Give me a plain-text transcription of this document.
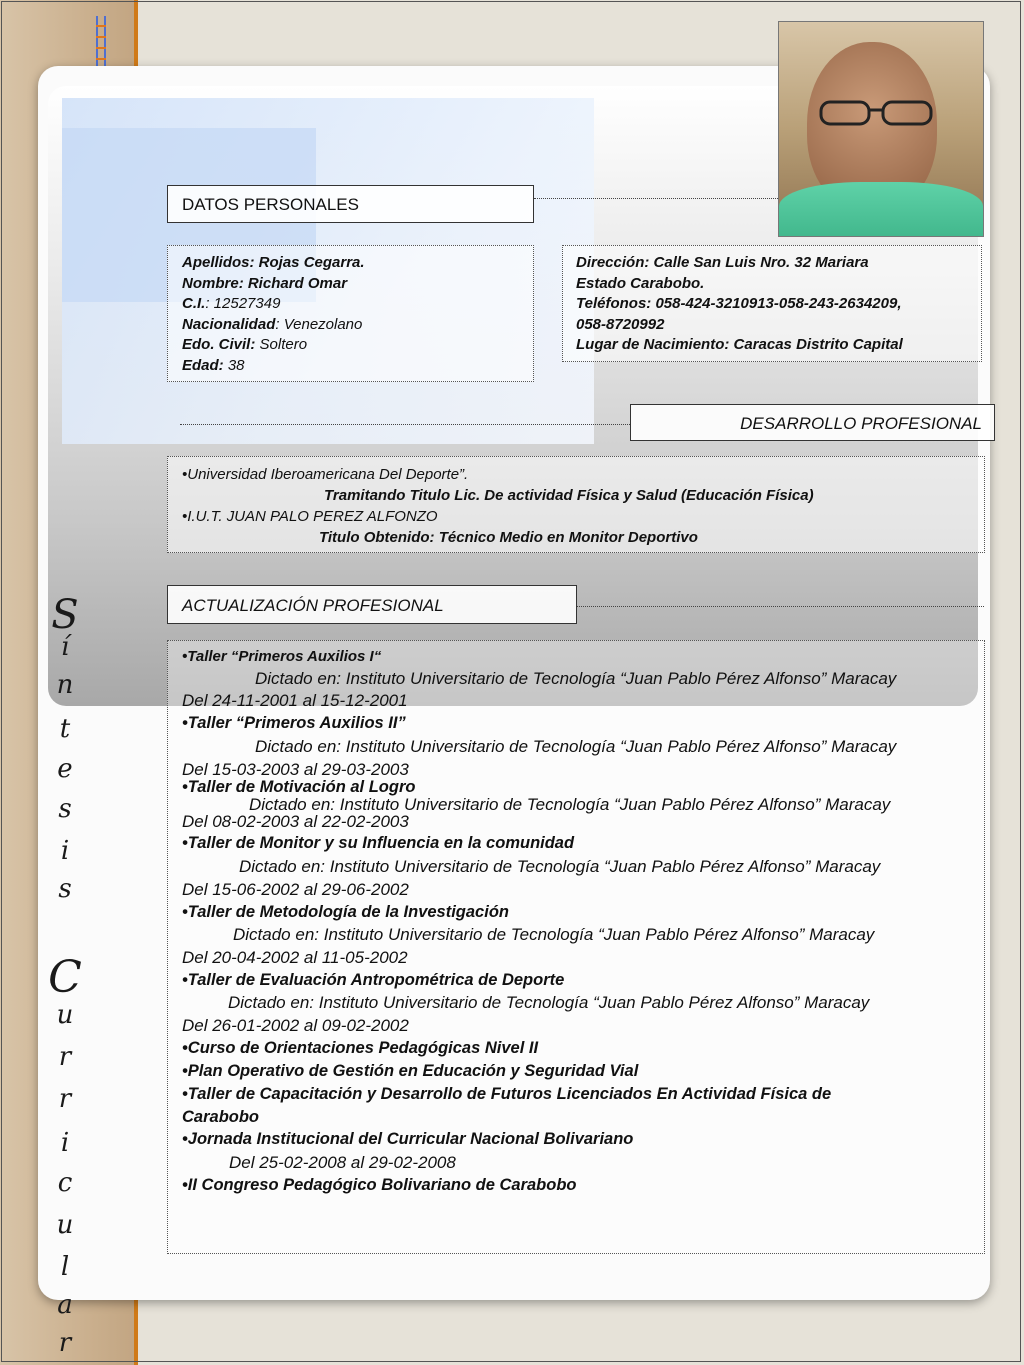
S
í
n
t
e
s
i
s

C
u
r
r
i
c
u
l
a
r
DATOS PERSONALES
Apellidos: Rojas Cegarra.
Nombre: Richard Omar
C.I.: 12527349
Nacionalidad: Venezolano
Edo. Civil: Soltero
Edad: 38
Dirección: Calle San Luis Nro. 32 Mariara
Estado Carabobo.
Teléfonos: 058-424-3210913-058-243-2634209,
058-8720992
Lugar de Nacimiento: Caracas Distrito Capital
DESARROLLO PROFESIONAL
•Universidad Iberoamericana Del Deporte”.
Tramitando Titulo Lic. De actividad Física y Salud (Educación Física)
•I.U.T. JUAN PALO PEREZ ALFONZO
Titulo Obtenido: Técnico Medio en Monitor Deportivo
ACTUALIZACIÓN PROFESIONAL
•Taller “Primeros Auxilios I“
Dictado en: Instituto Universitario de Tecnología “Juan Pablo Pérez Alfonso” Maracay
Del 24-11-2001 al 15-12-2001
•Taller “Primeros Auxilios II”
Dictado en: Instituto Universitario de Tecnología “Juan Pablo Pérez Alfonso” Maracay
Del 15-03-2003 al 29-03-2003
•Taller de Motivación al Logro
Dictado en: Instituto Universitario de Tecnología “Juan Pablo Pérez Alfonso” Maracay
Del 08-02-2003 al 22-02-2003
•Taller de Monitor y su Influencia en la comunidad
Dictado en: Instituto Universitario de Tecnología “Juan Pablo Pérez Alfonso” Maracay
Del 15-06-2002 al 29-06-2002
•Taller de Metodología de la Investigación
Dictado en: Instituto Universitario de Tecnología “Juan Pablo Pérez Alfonso” Maracay
Del 20-04-2002 al 11-05-2002
•Taller de Evaluación Antropométrica de Deporte
Dictado en: Instituto Universitario de Tecnología “Juan Pablo Pérez Alfonso” Maracay
Del 26-01-2002 al 09-02-2002
•Curso de Orientaciones Pedagógicas Nivel II
•Plan Operativo de Gestión en Educación y Seguridad Vial
•Taller de Capacitación y Desarrollo de Futuros Licenciados En Actividad Física de
Carabobo
•Jornada Institucional del Curricular Nacional Bolivariano
Del 25-02-2008 al 29-02-2008
•II Congreso Pedagógico Bolivariano de Carabobo
